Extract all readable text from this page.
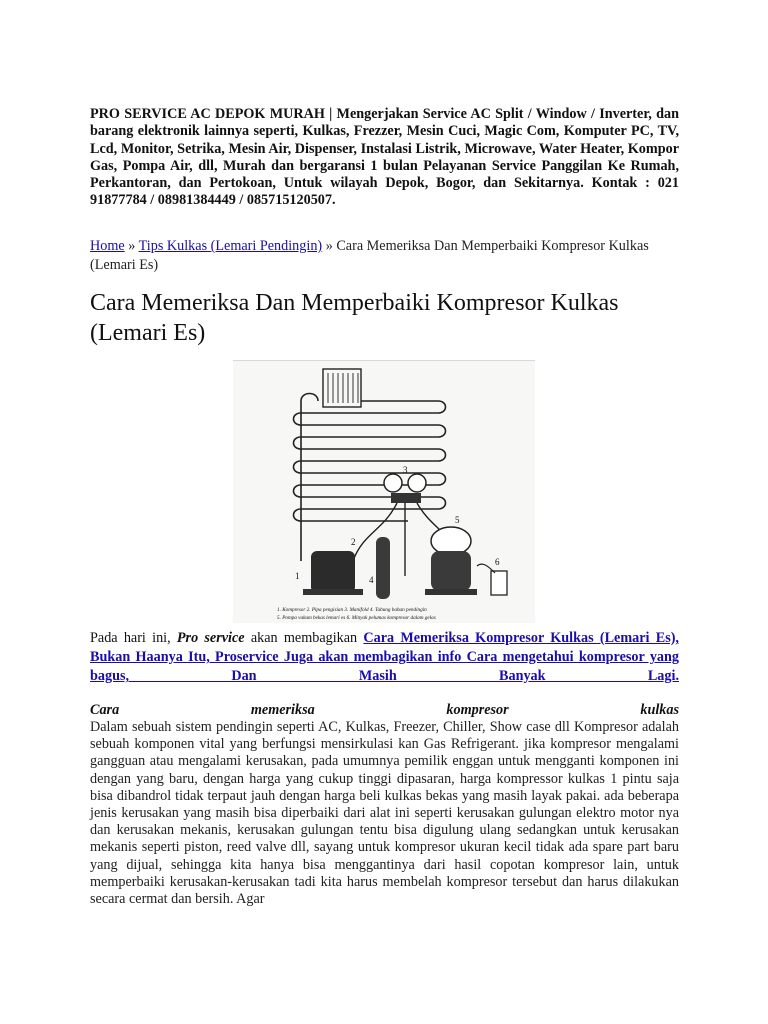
PRO SERVICE AC DEPOK MURAH | Mengerjakan Service AC Split / Window / Inverter, dan barang elektronik lainnya seperti, Kulkas, Frezzer, Mesin Cuci, Magic Com, Komputer PC, TV, Lcd, Monitor, Setrika, Mesin Air, Dispenser, Instalasi Listrik, Microwave, Water Heater, Kompor Gas, Pompa Air, dll, Murah dan bergaransi 1 bulan Pelayanan Service Panggilan Ke Rumah, Perkantoran, dan Pertokoan, Untuk wilayah Depok, Bogor, dan Sekitarnya. Kontak : 021 91877784 / 08981384449 / 085715120507.

Home » Tips Kulkas (Lemari Pendingin) » Cara Memeriksa Dan Memperbaiki Kompresor Kulkas (Lemari Es)
Cara Memeriksa Dan Memperbaiki Kompresor Kulkas (Lemari Es)
1
2
3
4
5
6
1. Kompresor 2. Pipa pengisian 3. Manifold 4. Tabung bahan pendingin
5. Pompa vakum bekas lemari es 6. Minyak pelumas kompresor dalam gelas

Pada hari ini, Pro service akan membagikan Cara Memeriksa Kompresor Kulkas (Lemari Es), Bukan Haanya Itu, Proservice Juga akan membagikan info Cara mengetahui kompresor yang bagus, Dan Masih Banyak Lagi.

Cara memeriksa kompresor kulkas

Dalam sebuah sistem pendingin seperti AC, Kulkas, Freezer, Chiller, Show case dll Kompresor adalah sebuah komponen vital yang berfungsi mensirkulasi kan Gas Refrigerant. jika kompresor mengalami gangguan atau mengalami kerusakan, pada umumnya pemilik enggan untuk mengganti komponen ini dengan yang baru, dengan harga yang cukup tinggi dipasaran, harga kompressor kulkas 1 pintu saja bisa dibandrol tidak terpaut jauh dengan harga beli kulkas bekas yang masih layak pakai. ada beberapa jenis kerusakan yang masih bisa diperbaiki dari alat ini seperti kerusakan gulungan elektro motor nya dan kerusakan mekanis, kerusakan gulungan tentu bisa digulung ulang sedangkan untuk kerusakan mekanis seperti piston, reed valve dll, sayang untuk kompresor ukuran kecil tidak ada spare part baru yang dijual, sehingga kita hanya bisa menggantinya dari hasil copotan kompresor lain, untuk memperbaiki kerusakan-kerusakan tadi kita harus membelah kompresor tersebut dan harus dilakukan secara cermat dan bersih. Agar
